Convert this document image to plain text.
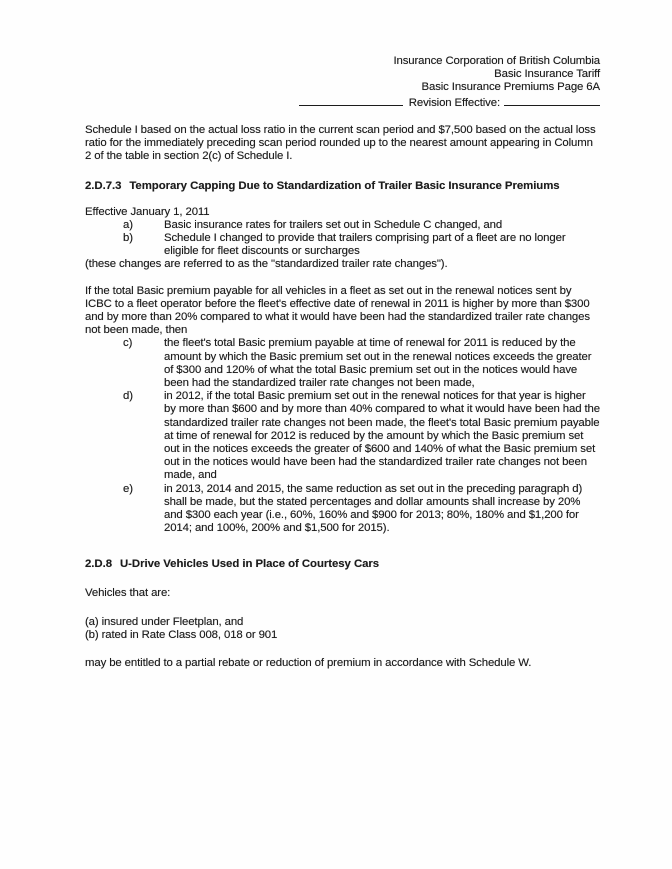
Insurance Corporation of British Columbia
Basic Insurance Tariff
Basic Insurance Premiums Page 6A
Revision Effective:

Schedule I based on the actual loss ratio in the current scan period and $7,500 based on the actual loss ratio for the immediately preceding scan period rounded up to the nearest amount appearing in Column 2 of the table in section 2(c) of Schedule I.

2.D.7.3 Temporary Capping Due to Standardization of Trailer Basic Insurance Premiums

Effective January 1, 2011

a)	Basic insurance rates for trailers set out in Schedule C changed, and
b)	Schedule I changed to provide that trailers comprising part of a fleet are no longer eligible for fleet discounts or surcharges

(these changes are referred to as the "standardized trailer rate changes").

If the total Basic premium payable for all vehicles in a fleet as set out in the renewal notices sent by ICBC to a fleet operator before the fleet's effective date of renewal in 2011 is higher by more than $300 and by more than 20% compared to what it would have been had the standardized trailer rate changes not been made, then

c)	the fleet's total Basic premium payable at time of renewal for 2011 is reduced by the amount by which the Basic premium set out in the renewal notices exceeds the greater of $300 and 120% of what the total Basic premium set out in the notices would have been had the standardized trailer rate changes not been made,
d)	in 2012, if the total Basic premium set out in the renewal notices for that year is higher by more than $600 and by more than 40% compared to what it would have been had the standardized trailer rate changes not been made, the fleet's total Basic premium payable at time of renewal for 2012 is reduced by the amount by which the Basic premium set out in the notices exceeds the greater of $600 and 140% of what the Basic premium set out in the notices would have been had the standardized trailer rate changes not been made, and
e)	in 2013, 2014 and 2015, the same reduction as set out in the preceding paragraph d) shall be made, but the stated percentages and dollar amounts shall increase by 20% and $300 each year (i.e., 60%, 160% and $900 for 2013; 80%, 180% and $1,200 for 2014; and 100%, 200% and $1,500 for 2015).

2.D.8 U-Drive Vehicles Used in Place of Courtesy Cars

Vehicles that are:

(a) insured under Fleetplan, and

(b) rated in Rate Class 008, 018 or 901

may be entitled to a partial rebate or reduction of premium in accordance with Schedule W.
